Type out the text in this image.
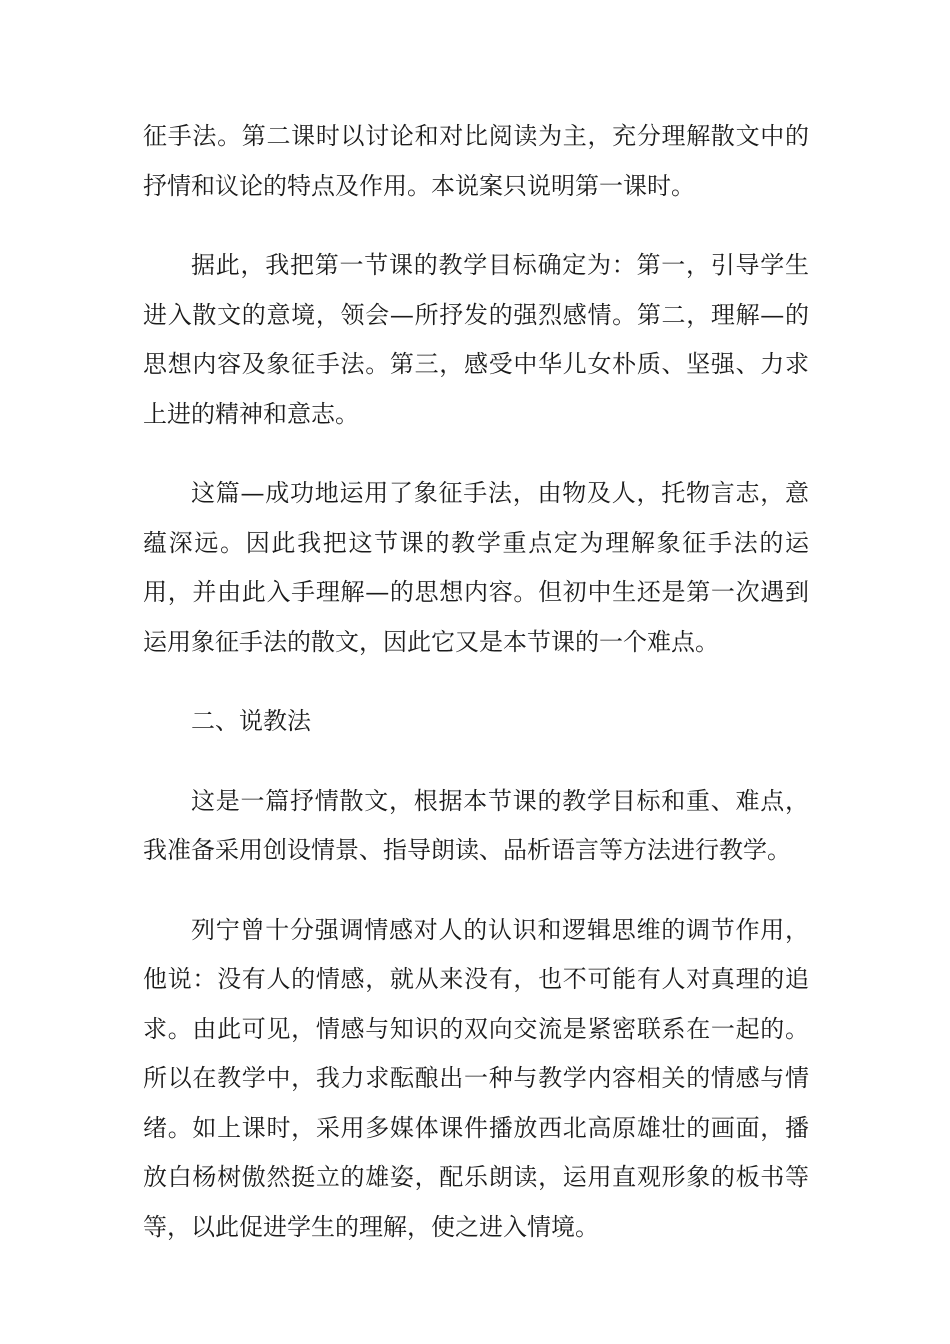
征手法。第二课时以讨论和对比阅读为主，充分理解散文中的抒情和议论的特点及作用。本说案只说明第一课时。

据此，我把第一节课的教学目标确定为：第一，引导学生进入散文的意境，领会—所抒发的强烈感情。第二，理解—的思想内容及象征手法。第三，感受中华儿女朴质、坚强、力求上进的精神和意志。

这篇—成功地运用了象征手法，由物及人，托物言志，意蕴深远。因此我把这节课的教学重点定为理解象征手法的运用，并由此入手理解—的思想内容。但初中生还是第一次遇到运用象征手法的散文，因此它又是本节课的一个难点。

二、说教法

这是一篇抒情散文，根据本节课的教学目标和重、难点，我准备采用创设情景、指导朗读、品析语言等方法进行教学。

列宁曾十分强调情感对人的认识和逻辑思维的调节作用，他说：没有人的情感，就从来没有，也不可能有人对真理的追求。由此可见，情感与知识的双向交流是紧密联系在一起的。所以在教学中，我力求酝酿出一种与教学内容相关的情感与情绪。如上课时，采用多媒体课件播放西北高原雄壮的画面，播放白杨树傲然挺立的雄姿，配乐朗读，运用直观形象的板书等等，以此促进学生的理解，使之进入情境。
